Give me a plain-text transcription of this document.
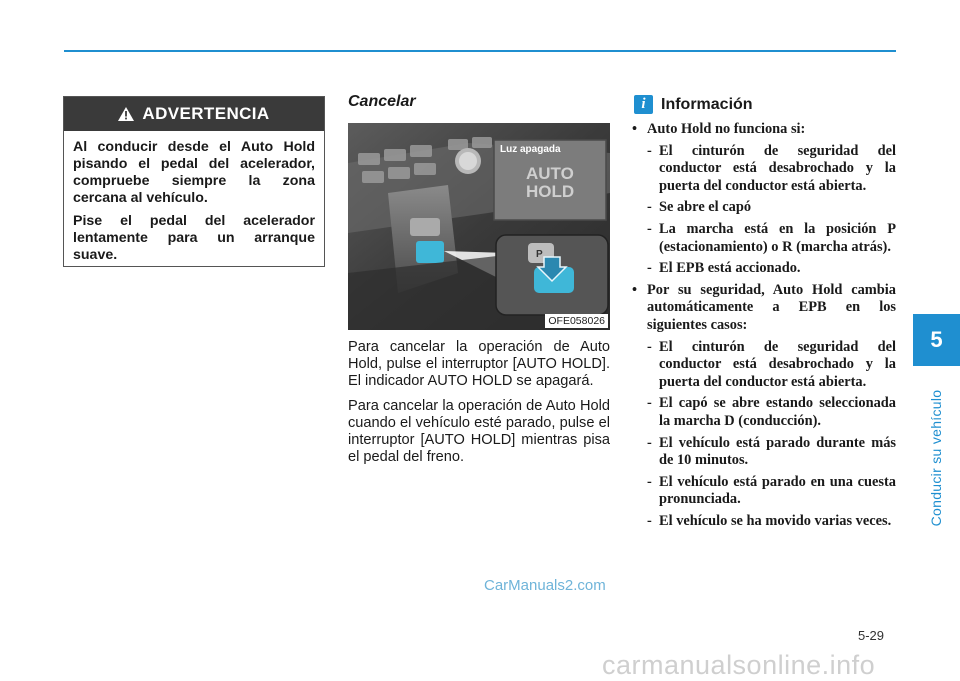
ADVERTENCIA

Al conducir desde el Auto Hold pisando el pedal del acelerador, compruebe siempre la zona cercana al vehículo.

Pise el pedal del acelerador lentamente para un arranque suave.

Cancelar
Luz apagada
AUTO
HOLD
P
OFE058026

Para cancelar la operación de Auto Hold, pulse el interruptor [AUTO HOLD]. El indicador AUTO HOLD se apagará.

Para cancelar la operación de Auto Hold cuando el vehículo esté parado, pulse el interruptor [AUTO HOLD] mientras pisa el pedal del freno.

i Información
• Auto Hold no funciona si:
- El cinturón de seguridad del conductor está desabrochado y la puerta del conductor está abierta.
- Se abre el capó
- La marcha está en la posición P (estacionamiento) o R (marcha atrás).
- El EPB está accionado.
• Por su seguridad, Auto Hold cambia automáticamente a EPB en los siguientes casos:
- El cinturón de seguridad del conductor está desabrochado y la puerta del conductor está abierta.
- El capó se abre estando seleccionada la marcha D (conducción).
- El vehículo está parado durante más de 10 minutos.
- El vehículo está parado en una cuesta pronunciada.
- El vehículo se ha movido varias veces.
5
Conducir su vehículo
CarManuals2.com
5-29
carmanualsonline.info
